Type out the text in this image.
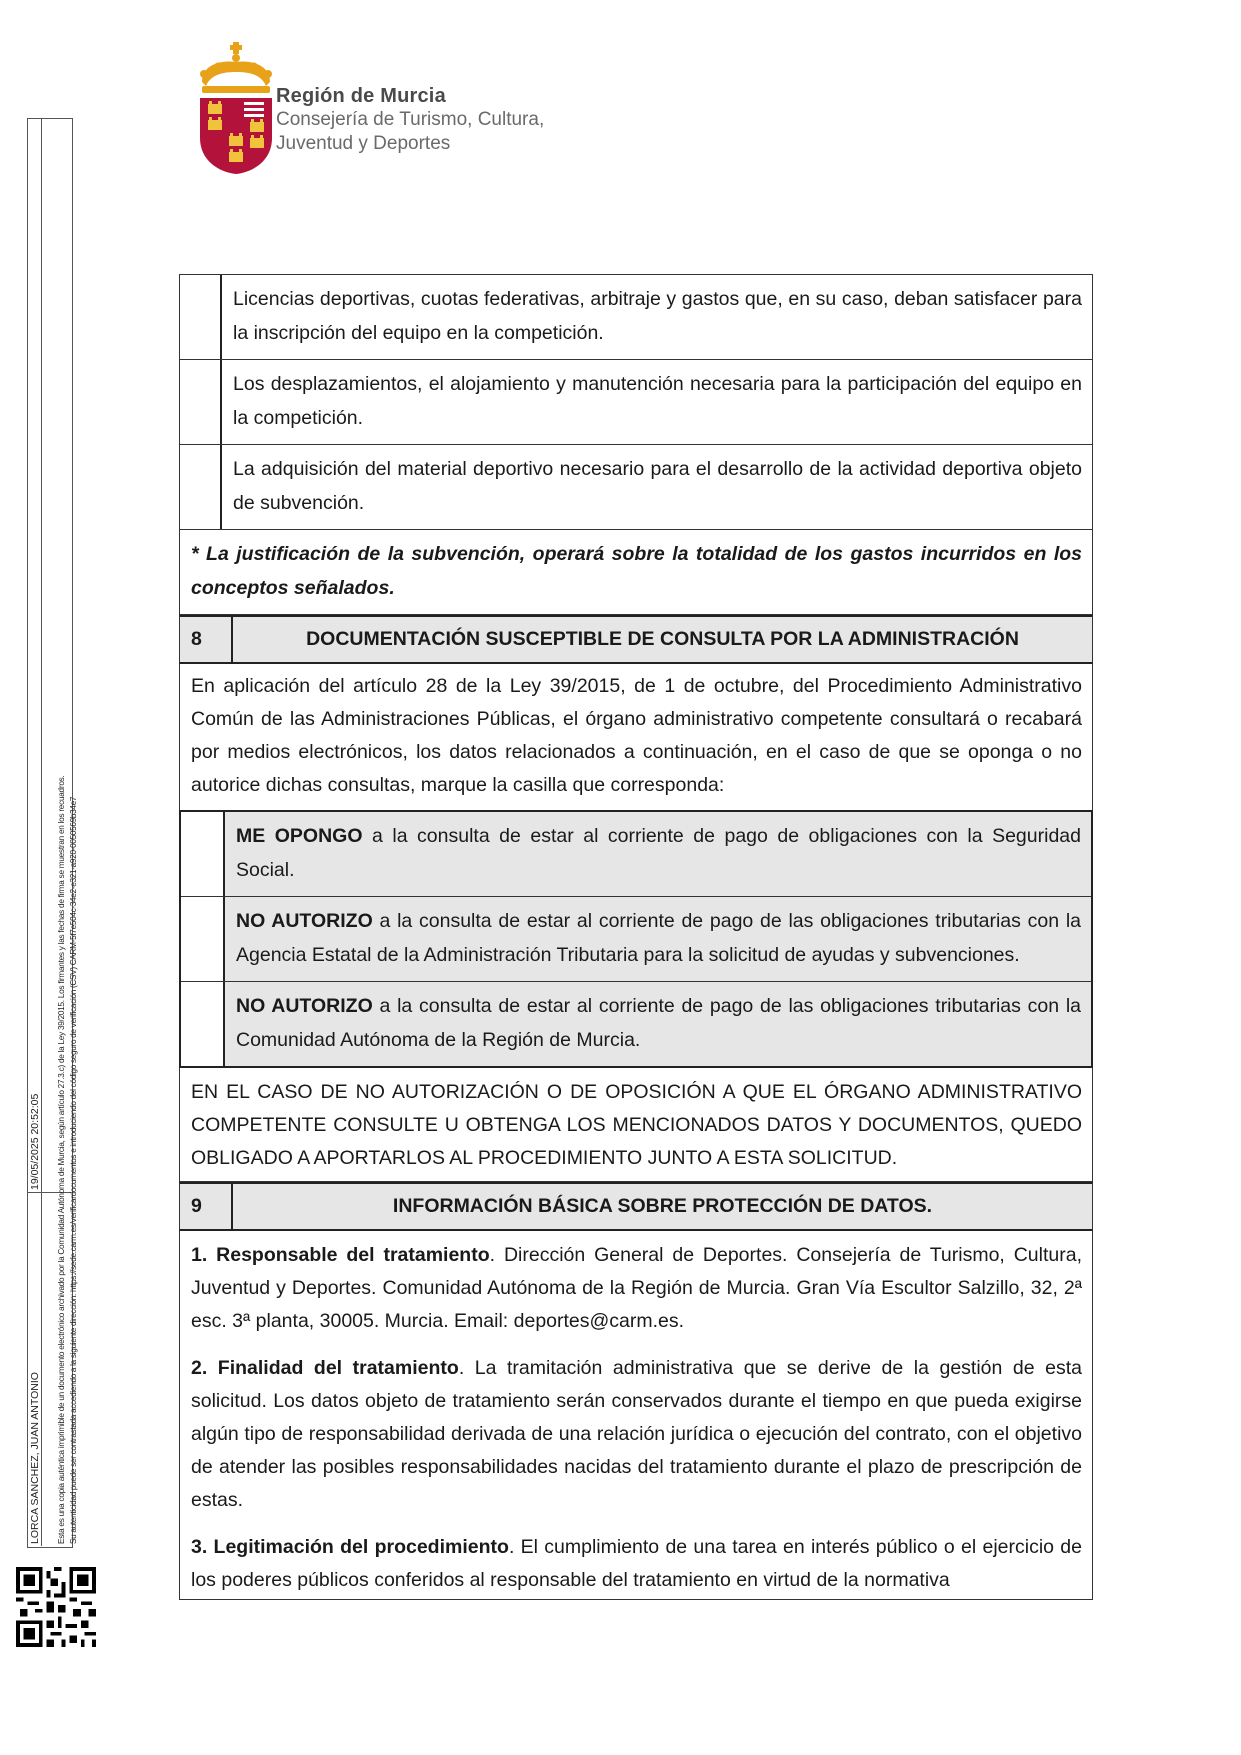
Región de Murcia
Consejería de Turismo, Cultura,
Juventud y Deportes
LORCA SANCHEZ, JUAN ANTONIO
19/05/2025 20:52:05 Esta es una copia auténtica imprimible de un documento electrónico archivado por la Comunidad Autónoma de Murcia, según artículo 27.3.c) de la Ley 39/2015. Los firmantes y las fechas de firma se muestran en los recuadros. Su autenticidad puede ser contrastada accediendo a la siguiente dirección: https://sede.carm.es/verificardocumentos e introduciendo del código seguro de verificación (CSV) CARM-5f7e504c-34e2-e321-a920-0050569b34e7
Licencias deportivas, cuotas federativas, arbitraje y gastos que, en su caso, deban satisfacer para la inscripción del equipo en la competición.
Los desplazamientos, el alojamiento y manutención necesaria para la participación del equipo en la competición.
La adquisición del material deportivo necesario para el desarrollo de la actividad deportiva objeto de subvención.
* La justificación de la subvención, operará sobre la totalidad de los gastos incurridos en los conceptos señalados.
8	DOCUMENTACIÓN SUSCEPTIBLE DE CONSULTA POR LA ADMINISTRACIÓN
En aplicación del artículo 28 de la Ley 39/2015, de 1 de octubre, del Procedimiento Administrativo Común de las Administraciones Públicas, el órgano administrativo competente consultará o recabará por medios electrónicos, los datos relacionados a continuación, en el caso de que se oponga o no autorice dichas consultas, marque la casilla que corresponda:
ME OPONGO a la consulta de estar al corriente de pago de obligaciones con la Seguridad Social.
NO AUTORIZO a la consulta de estar al corriente de pago de las obligaciones tributarias con la Agencia Estatal de la Administración Tributaria para la solicitud de ayudas y subvenciones.
NO AUTORIZO a la consulta de estar al corriente de pago de las obligaciones tributarias con la Comunidad Autónoma de la Región de Murcia.
EN EL CASO DE NO AUTORIZACIÓN O DE OPOSICIÓN A QUE EL ÓRGANO ADMINISTRATIVO COMPETENTE CONSULTE U OBTENGA LOS MENCIONADOS DATOS Y DOCUMENTOS, QUEDO OBLIGADO A APORTARLOS AL PROCEDIMIENTO JUNTO A ESTA SOLICITUD.
9	INFORMACIÓN BÁSICA SOBRE PROTECCIÓN DE DATOS.
1. Responsable del tratamiento. Dirección General de Deportes. Consejería de Turismo, Cultura, Juventud y Deportes. Comunidad Autónoma de la Región de Murcia. Gran Vía Escultor Salzillo, 32, 2ª esc. 3ª planta, 30005. Murcia. Email: deportes@carm.es.
2. Finalidad del tratamiento. La tramitación administrativa que se derive de la gestión de esta solicitud. Los datos objeto de tratamiento serán conservados durante el tiempo en que pueda exigirse algún tipo de responsabilidad derivada de una relación jurídica o ejecución del contrato, con el objetivo de atender las posibles responsabilidades nacidas del tratamiento durante el plazo de prescripción de estas.
3. Legitimación del procedimiento. El cumplimiento de una tarea en interés público o el ejercicio de los poderes públicos conferidos al responsable del tratamiento en virtud de la normativa
